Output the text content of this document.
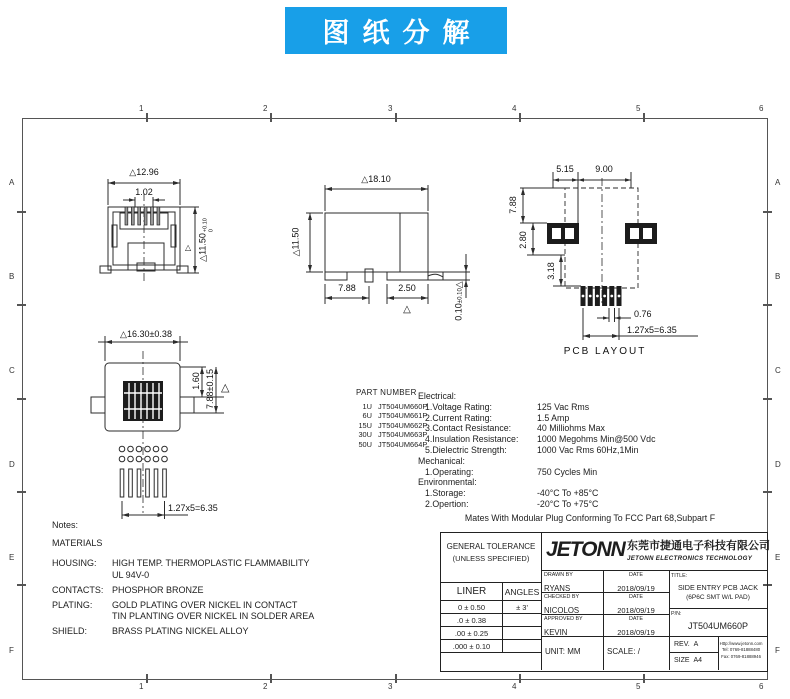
图纸分解
1	2	3	4	5	6
1	2	3	4	5	6
A
B
C
D
E
F
A
B
C
D
E
F
△12.96
1.02
△11.50
+0.10 0
△
△18.10
△11.50
7.88	2.50
△	0.10±0.10△
5.15 9.00
7.88
2.80
3.18
0.76
1.27x5=6.35
PCB LAYOUT
△16.30±0.38
1.60 7.88±0.15 △
1.27x5=6.35
PART NUMBER
1U JT504UM660P
6U JT504UM661P
15U JT504UM662P
30U JT504UM663P
50U JT504UM664P
Electrical:
1.Voltage Rating:	125 Vac Rms
2.Current Rating:	1.5 Amp
3.Contact Resistance:	40 Milliohms Max
4.Insulation Resistance: 1000 Megohms Min@500 Vdc
5.Dielectric Strength:	1000 Vac Rms 60Hz,1Min
Mechanical:
1.Operating:	750 Cycles Min
Environmental:
1.Storage:	-40°C To +85°C
2.Opertion:	-20°C To +75°C
Mates With Modular Plug Conforming To FCC Part 68,Subpart F
Notes:
MATERIALS
HOUSING: HIGH TEMP. THERMOPLASTIC FLAMMABILITY
UL 94V-0
CONTACTS: PHOSPHOR BRONZE
PLATING: GOLD PLATING OVER NICKEL IN CONTACT
TIN PLANTING OVER NICKEL IN SOLDER AREA
SHIELD:	BRASS PLATING NICKEL ALLOY
GENERAL TOLERANCE
(UNLESS SPECIFIED)
LINER	ANGLES
0 ± 0.50	± 3'
.0 ± 0.38
.00 ± 0.25
.000 ± 0.10
JETONN 东莞市捷通电子科技有限公司
JETONN ELECTRONICS TECHNOLOGY
DRAWN BY
RYANS
DATE
2018/09/19
CHECKED BY
NICOLOS
DATE
2018/09/19
APPROVED BY
KEVIN
DATE
2018/09/19
UNIT: MM	SCALE: /
TITLE:
SIDE ENTRY PCB JACK
(6P6C SMT W/L PAD)
P/N:
JT504UM660P
REV. A
SIZE A4
Http://www.jetonn.com
Tel: 0769-81888480
Fax: 0769-81888946
